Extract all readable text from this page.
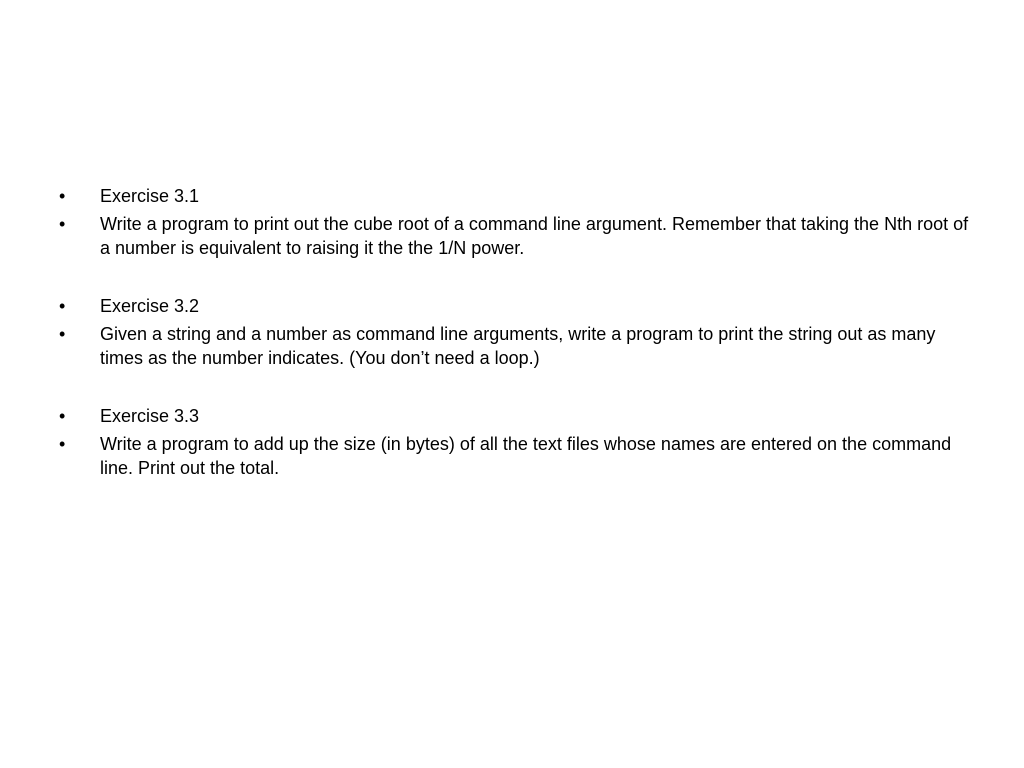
•	Exercise 3.1
•	Write a program to print out the cube root of a command line argument. Remember that taking the Nth root of a number is equivalent to raising it the the 1/N power.
•	Exercise 3.2
•	Given a string and a number as command line arguments, write a program to print the string out as many times as the number indicates. (You don’t need a loop.)
•	Exercise 3.3
•	Write a program to add up the size (in bytes) of all the text files whose names are entered on the command line. Print out the total.
